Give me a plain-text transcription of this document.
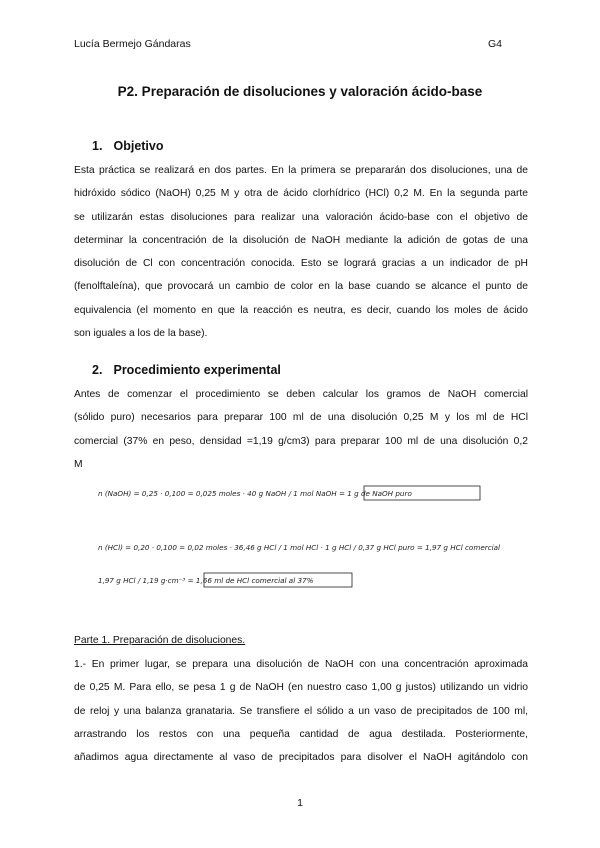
Lucía Bermejo Gándaras	G4
P2. Preparación de disoluciones y valoración ácido-base
1. Objetivo
Esta práctica se realizará en dos partes. En la primera se prepararán dos disoluciones, una de
hidróxido sódico (NaOH) 0,25 M y otra de ácido clorhídrico (HCl) 0,2 M. En la segunda parte
se utilizarán estas disoluciones para realizar una valoración ácido-base con el objetivo de
determinar la concentración de la disolución de NaOH mediante la adición de gotas de una
disolución de Cl con concentración conocida. Esto se logrará gracias a un indicador de pH
(fenolftaleína), que provocará un cambio de color en la base cuando se alcance el punto de
equivalencia (el momento en que la reacción es neutra, es decir, cuando los moles de ácido
son iguales a los de la base).
2. Procedimiento experimental
Antes de comenzar el procedimiento se deben calcular los gramos de NaOH comercial
(sólido puro) necesarios para preparar 100 ml de una disolución 0,25 M y los ml de HCl
comercial (37% en peso, densidad =1,19 g/cm3) para preparar 100 ml de una disolución 0,2
M
n (NaOH) = 0,25 · 0,100 = 0,025 moles · 40 g NaOH / 1 mol NaOH = 1 g de NaOH puro
n (HCl) = 0,20 · 0,100 = 0,02 moles · 36,46 g HCl / 1 mol HCl · 1 g HCl / 0,37 g HCl puro = 1,97 g HCl comercial
1,97 g HCl / 1,19 g·cm⁻³ = 1,66 ml de HCl comercial al 37%
Parte 1. Preparación de disoluciones.
1.- En primer lugar, se prepara una disolución de NaOH con una concentración aproximada
de 0,25 M. Para ello, se pesa 1 g de NaOH (en nuestro caso 1,00 g justos) utilizando un vidrio
de reloj y una balanza granataria. Se transfiere el sólido a un vaso de precipitados de 100 ml,
arrastrando los restos con una pequeña cantidad de agua destilada. Posteriormente,
añadimos agua directamente al vaso de precipitados para disolver el NaOH agitándolo con
1
